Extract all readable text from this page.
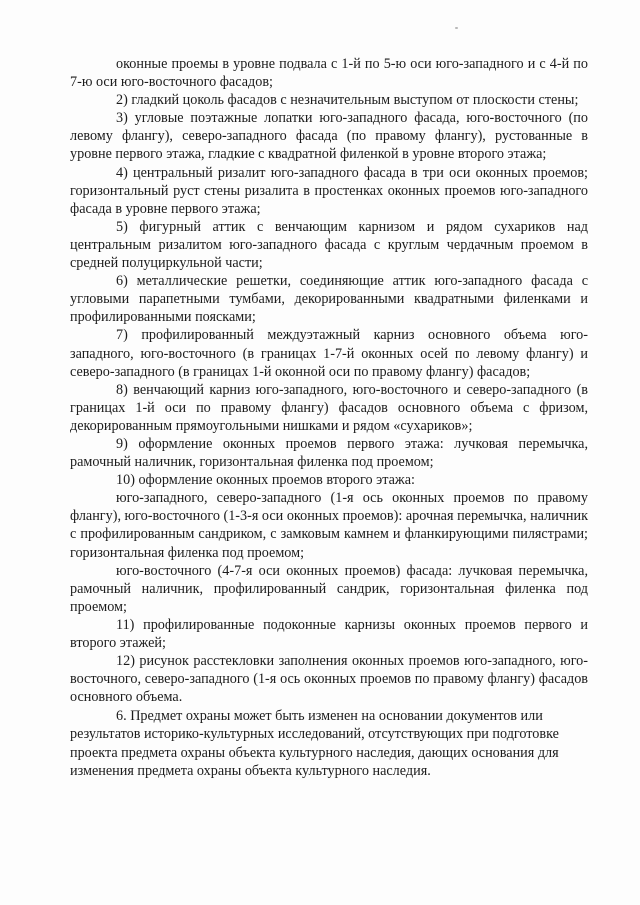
оконные проемы в уровне подвала с 1-й по 5-ю оси юго-западного и с 4-й по 7-ю оси юго-восточного фасадов;

2) гладкий цоколь фасадов с незначительным выступом от плоскости стены;

3) угловые поэтажные лопатки юго-западного фасада, юго-восточного (по левому флангу), северо-западного фасада (по правому флангу), рустованные в уровне первого этажа, гладкие с квадратной филенкой в уровне второго этажа;

4) центральный ризалит юго-западного фасада в три оси оконных проемов; горизонтальный руст стены ризалита в простенках оконных проемов юго-западного фасада в уровне первого этажа;

5) фигурный аттик с венчающим карнизом и рядом сухариков над центральным ризалитом юго-западного фасада с круглым чердачным проемом в средней полуциркульной части;

6) металлические решетки, соединяющие аттик юго-западного фасада с угловыми парапетными тумбами, декорированными квадратными филенками и профилированными поясками;

7) профилированный междуэтажный карниз основного объема юго-западного, юго-восточного (в границах 1-7-й оконных осей по левому флангу) и северо-западного (в границах 1-й оконной оси по правому флангу) фасадов;

8) венчающий карниз юго-западного, юго-восточного и северо-западного (в границах 1-й оси по правому флангу) фасадов основного объема с фризом, декорированным прямоугольными нишками и рядом «сухариков»;

9) оформление оконных проемов первого этажа: лучковая перемычка, рамочный наличник, горизонтальная филенка под проемом;

10) оформление оконных проемов второго этажа:

юго-западного, северо-западного (1-я ось оконных проемов по правому флангу), юго-восточного (1-3-я оси оконных проемов): арочная перемычка, наличник с профилированным сандриком, с замковым камнем и фланкирующими пилястрами; горизонтальная филенка под проемом;

юго-восточного (4-7-я оси оконных проемов) фасада: лучковая перемычка, рамочный наличник, профилированный сандрик, горизонтальная филенка под проемом;

11) профилированные подоконные карнизы оконных проемов первого и второго этажей;

12) рисунок расстекловки заполнения оконных проемов юго-западного, юго-восточного, северо-западного (1-я ось оконных проемов по правому флангу) фасадов основного объема.

6. Предмет охраны может быть изменен на основании документов или результатов историко-культурных исследований, отсутствующих при подготовке проекта предмета охраны объекта культурного наследия, дающих основания для изменения предмета охраны объекта культурного наследия.
